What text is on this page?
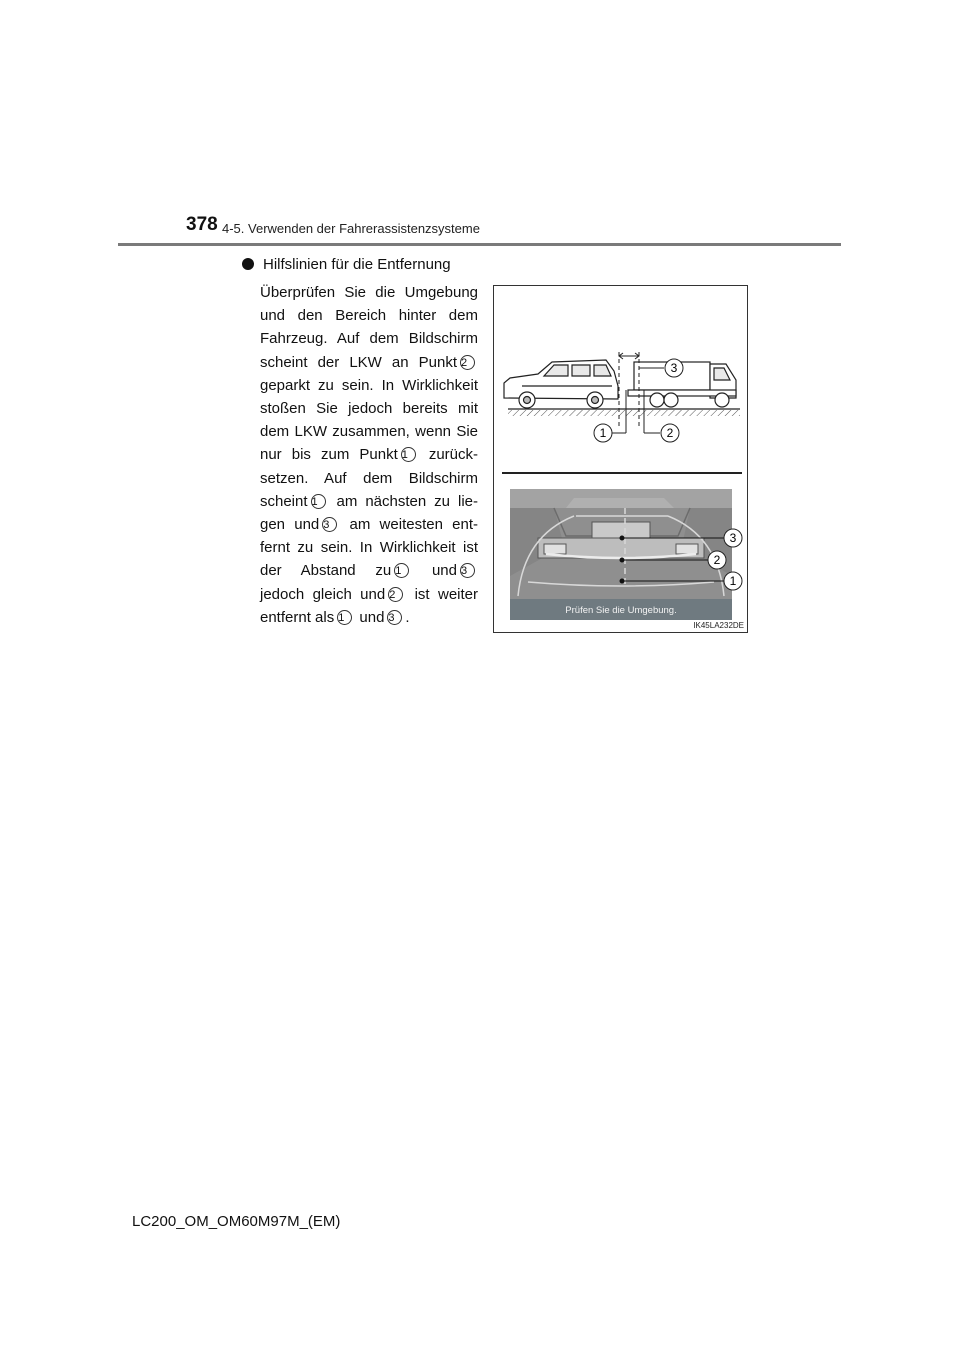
378 4-5. Verwenden der Fahrerassistenzsysteme
Hilfslinien für die Entfernung
Überprüfen Sie die Umgebung und den Bereich hinter dem Fahrzeug. Auf dem Bildschirm scheint der LKW an Punkt 2 geparkt zu sein. In Wirklichkeit stoßen Sie jedoch bereits mit dem LKW zusammen, wenn Sie nur bis zum Punkt 1 zurück-setzen. Auf dem Bildschirm scheint 1 am nächsten zu lie-gen und 3 am weitesten ent-fernt zu sein. In Wirklichkeit ist der Abstand zu 1 und 3 jedoch gleich und 2 ist weiter entfernt als 1 und 3 .
3
1	2
Prüfen Sie die Umgebung.
3
2
1
IK45LA232DE
LC200_OM_OM60M97M_(EM)
